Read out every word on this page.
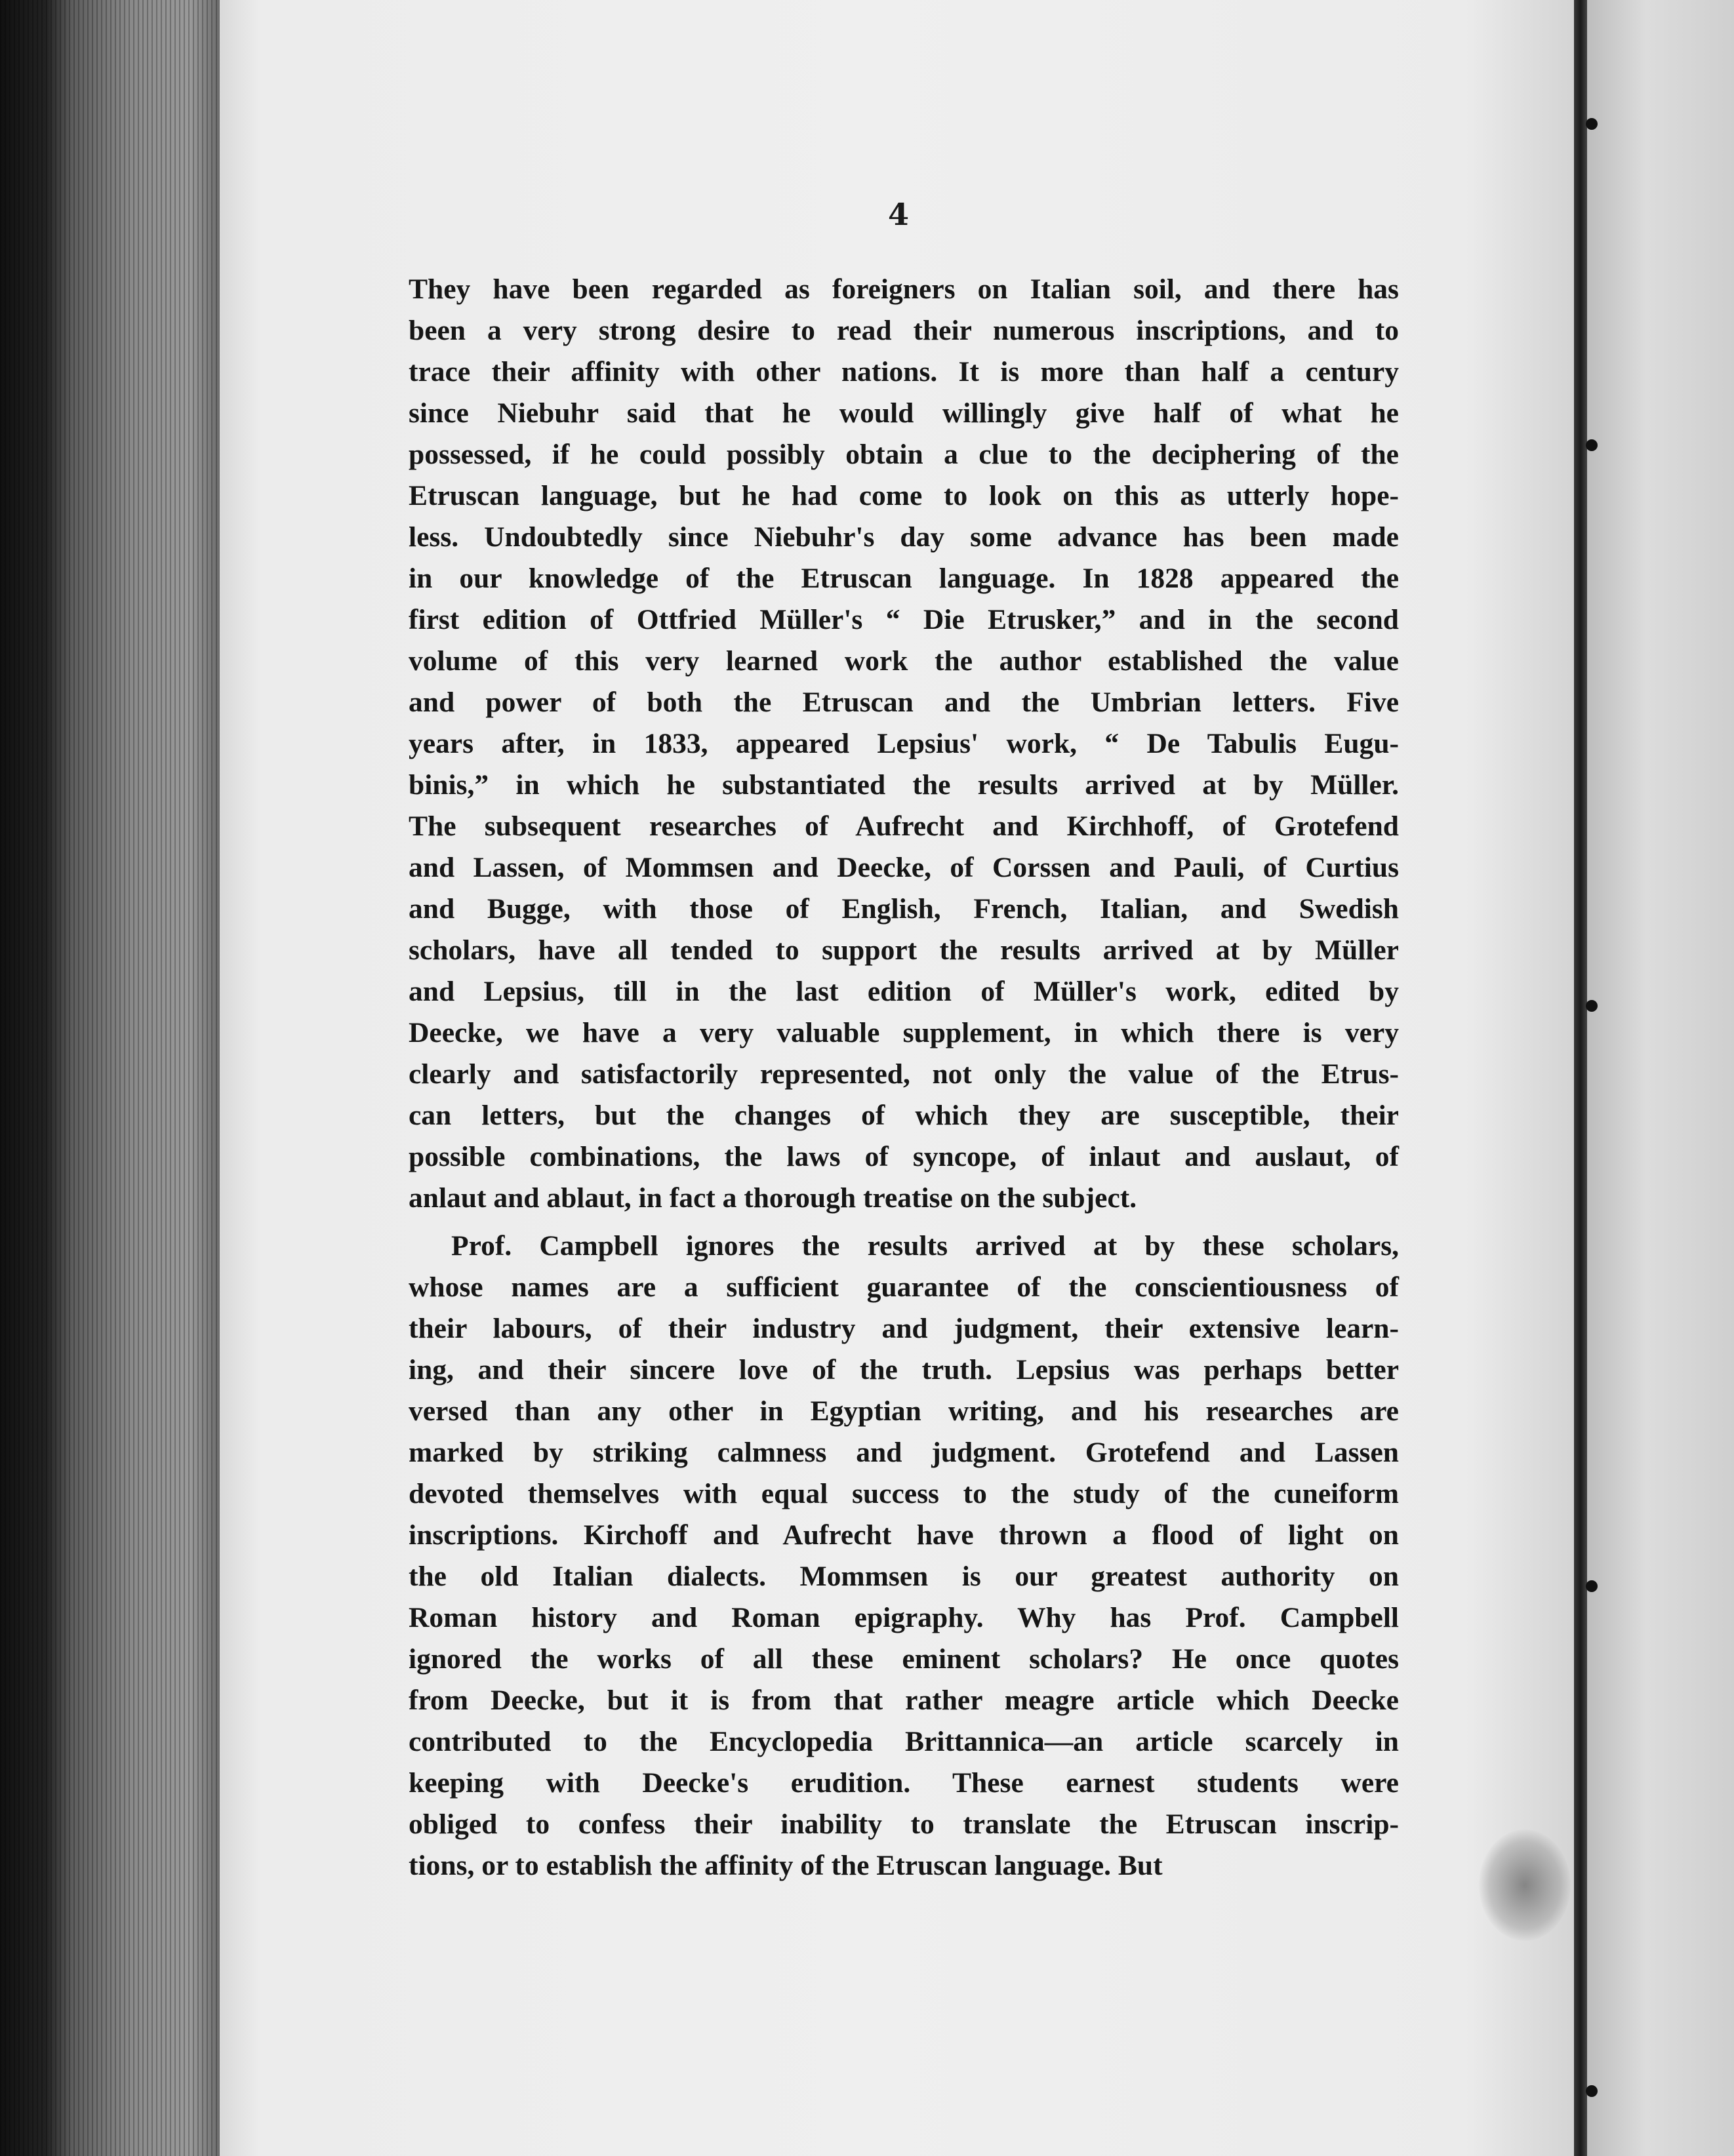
4
They have been regarded as foreigners on Italian soil, and there has
been a very strong desire to read their numerous inscriptions, and to
trace their affinity with other nations. It is more than half a century
since Niebuhr said that he would willingly give half of what he
possessed, if he could possibly obtain a clue to the deciphering of the
Etruscan language, but he had come to look on this as utterly hope-
less. Undoubtedly since Niebuhr's day some advance has been made
in our knowledge of the Etruscan language. In 1828 appeared the
first edition of Ottfried Müller's “ Die Etrusker,” and in the second
volume of this very learned work the author established the value
and power of both the Etruscan and the Umbrian letters. Five
years after, in 1833, appeared Lepsius' work, “ De Tabulis Eugu-
binis,” in which he substantiated the results arrived at by Müller.
The subsequent researches of Aufrecht and Kirchhoff, of Grotefend
and Lassen, of Mommsen and Deecke, of Corssen and Pauli, of Curtius
and Bugge, with those of English, French, Italian, and Swedish
scholars, have all tended to support the results arrived at by Müller
and Lepsius, till in the last edition of Müller's work, edited by
Deecke, we have a very valuable supplement, in which there is very
clearly and satisfactorily represented, not only the value of the Etrus-
can letters, but the changes of which they are susceptible, their
possible combinations, the laws of syncope, of inlaut and auslaut, of
anlaut and ablaut, in fact a thorough treatise on the subject.
Prof. Campbell ignores the results arrived at by these scholars,
whose names are a sufficient guarantee of the conscientiousness of
their labours, of their industry and judgment, their extensive learn-
ing, and their sincere love of the truth. Lepsius was perhaps better
versed than any other in Egyptian writing, and his researches are
marked by striking calmness and judgment. Grotefend and Lassen
devoted themselves with equal success to the study of the cuneiform
inscriptions. Kirchoff and Aufrecht have thrown a flood of light on
the old Italian dialects. Mommsen is our greatest authority on
Roman history and Roman epigraphy. Why has Prof. Campbell
ignored the works of all these eminent scholars? He once quotes
from Deecke, but it is from that rather meagre article which Deecke
contributed to the Encyclopedia Brittannica—an article scarcely in
keeping with Deecke's erudition. These earnest students were
obliged to confess their inability to translate the Etruscan inscrip-
tions, or to establish the affinity of the Etruscan language. But
